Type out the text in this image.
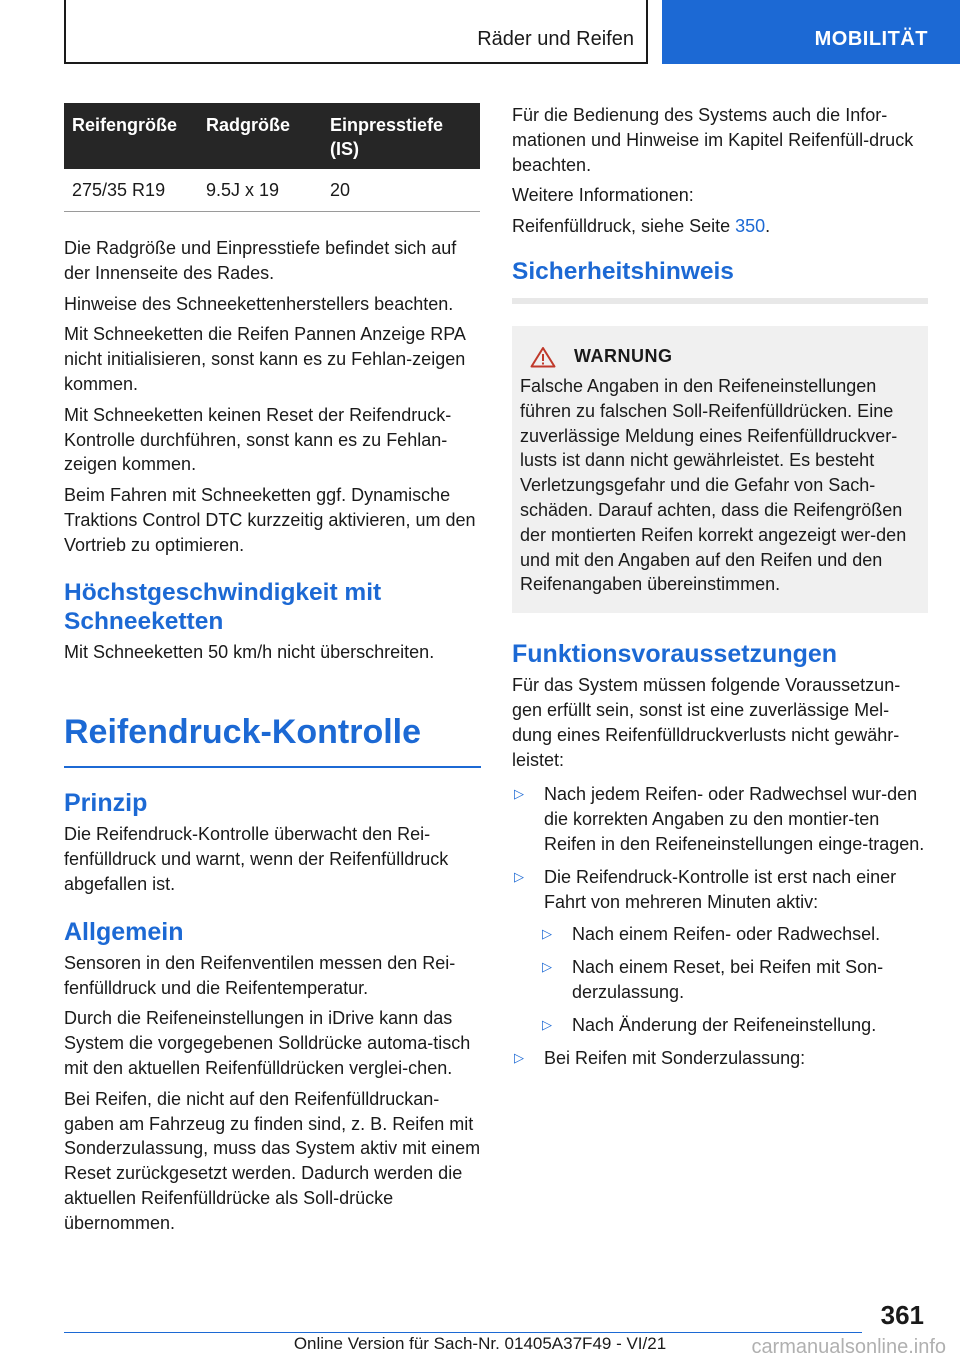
Räder und Reifen	MOBILITÄT
Reifengröße	Radgröße	Einpresstiefe (IS)
275/35 R19	9.5J x 19	20

Die Radgröße und Einpresstiefe befindet sich auf der Innenseite des Rades.

Hinweise des Schneekettenherstellers beachten.

Mit Schneeketten die Reifen Pannen Anzeige RPA nicht initialisieren, sonst kann es zu Fehlan‐zeigen kommen.

Mit Schneeketten keinen Reset der Reifendruck-Kontrolle durchführen, sonst kann es zu Fehlan‐zeigen kommen.

Beim Fahren mit Schneeketten ggf. Dynamische Traktions Control DTC kurzzeitig aktivieren, um den Vortrieb zu optimieren.

Höchstgeschwindigkeit mit Schneeketten

Mit Schneeketten 50 km/h nicht überschreiten.

Reifendruck-Kontrolle
Prinzip

Die Reifendruck-Kontrolle überwacht den Rei‐fenfülldruck und warnt, wenn der Reifenfülldruck abgefallen ist.

Allgemein

Sensoren in den Reifenventilen messen den Rei‐fenfülldruck und die Reifentemperatur.

Durch die Reifeneinstellungen in iDrive kann das System die vorgegebenen Solldrücke automa‐tisch mit den aktuellen Reifenfülldrücken verglei‐chen.

Bei Reifen, die nicht auf den Reifenfülldruckan‐gaben am Fahrzeug zu finden sind, z. B. Reifen mit Sonderzulassung, muss das System aktiv mit einem Reset zurückgesetzt werden. Dadurch werden die aktuellen Reifenfülldrücke als Soll‐drücke übernommen.

Für die Bedienung des Systems auch die Infor‐mationen und Hinweise im Kapitel Reifenfüll‐druck beachten.

Weitere Informationen:

Reifenfülldruck, siehe Seite 350.

Sicherheitshinweis
WARNUNG

Falsche Angaben in den Reifeneinstellungen führen zu falschen Soll-Reifenfülldrücken. Eine zuverlässige Meldung eines Reifenfülldruckver‐lusts ist dann nicht gewährleistet. Es besteht Verletzungsgefahr und die Gefahr von Sach‐schäden. Darauf achten, dass die Reifengrößen der montierten Reifen korrekt angezeigt wer‐den und mit den Angaben auf den Reifen und den Reifenangaben übereinstimmen.

Funktionsvoraussetzungen

Für das System müssen folgende Voraussetzun‐gen erfüllt sein, sonst ist eine zuverlässige Mel‐dung eines Reifenfülldruckverlusts nicht gewähr‐leistet:

▷	Nach jedem Reifen- oder Radwechsel wur‐den die korrekten Angaben zu den montier‐ten Reifen in den Reifeneinstellungen einge‐tragen.
▷	Die Reifendruck-Kontrolle ist erst nach einer Fahrt von mehreren Minuten aktiv:
▷	Nach einem Reifen- oder Radwechsel.
▷	Nach einem Reset, bei Reifen mit Son‐derzulassung.
▷	Nach Änderung der Reifeneinstellung.
▷	Bei Reifen mit Sonderzulassung:
361
Online Version für Sach-Nr. 01405A37F49 - VI/21	carmanualsonline.info
